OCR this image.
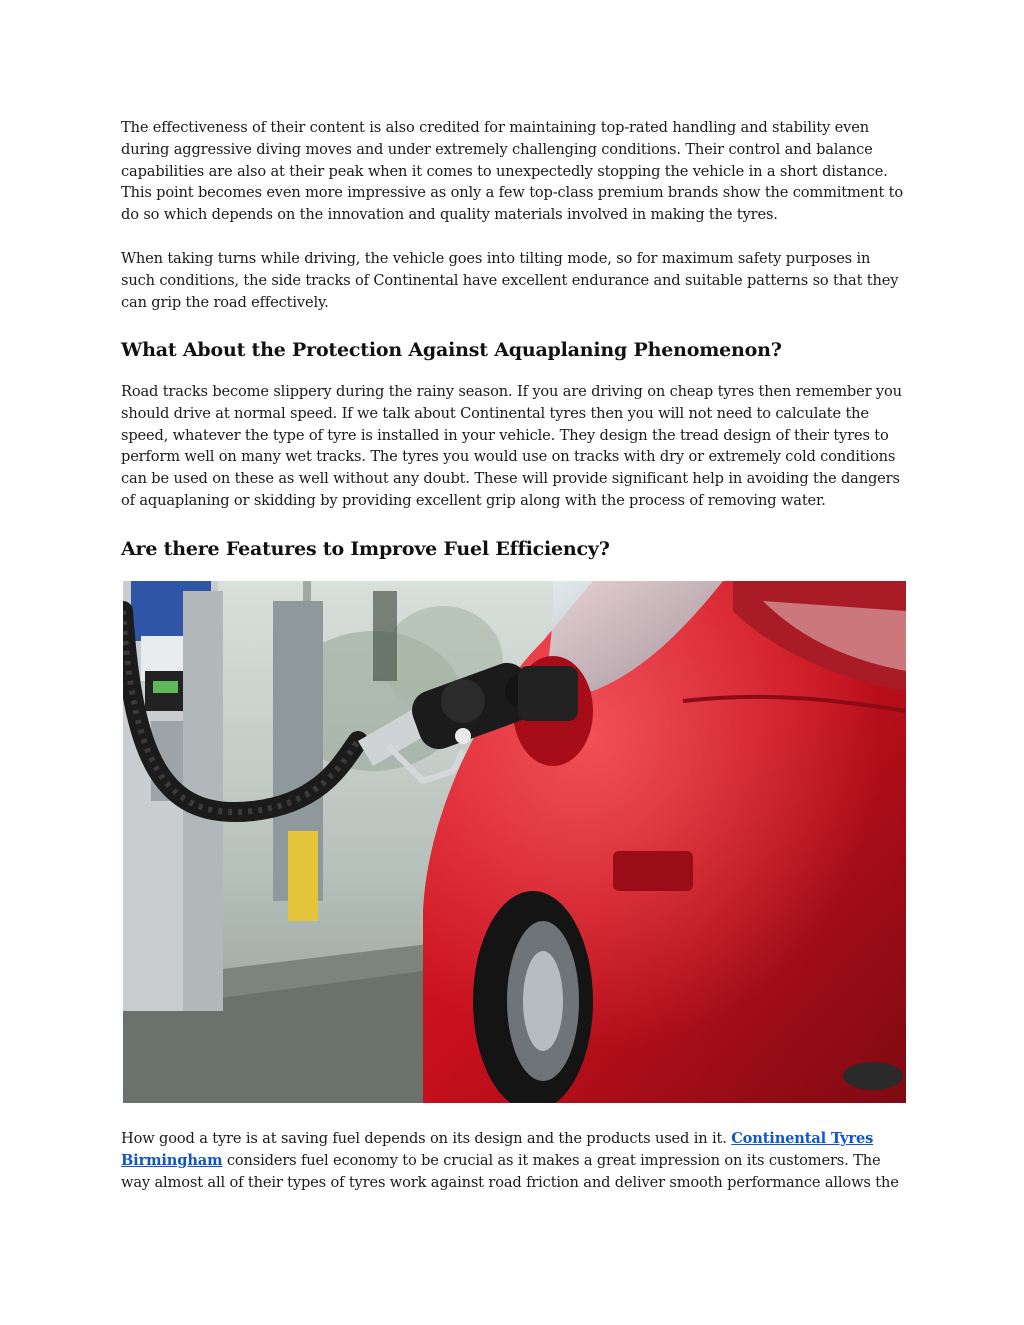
The effectiveness of their content is also credited for maintaining top-rated handling and stability even during aggressive diving moves and under extremely challenging conditions. Their control and balance capabilities are also at their peak when it comes to unexpectedly stopping the vehicle in a short distance. This point becomes even more impressive as only a few top-class premium brands show the commitment to do so which depends on the innovation and quality materials involved in making the tyres.

When taking turns while driving, the vehicle goes into tilting mode, so for maximum safety purposes in such conditions, the side tracks of Continental have excellent endurance and suitable patterns so that they can grip the road effectively.

What About the Protection Against Aquaplaning Phenomenon?

Road tracks become slippery during the rainy season. If you are driving on cheap tyres then remember you should drive at normal speed. If we talk about Continental tyres then you will not need to calculate the speed, whatever the type of tyre is installed in your vehicle. They design the tread design of their tyres to perform well on many wet tracks. The tyres you would use on tracks with dry or extremely cold conditions can be used on these as well without any doubt. These will provide significant help in avoiding the dangers of aquaplaning or skidding by providing excellent grip along with the process of removing water.

Are there Features to Improve Fuel Efficiency?

How good a tyre is at saving fuel depends on its design and the products used in it. Continental Tyres Birmingham considers fuel economy to be crucial as it makes a great impression on its customers. The way almost all of their types of tyres work against road friction and deliver smooth performance allows the
